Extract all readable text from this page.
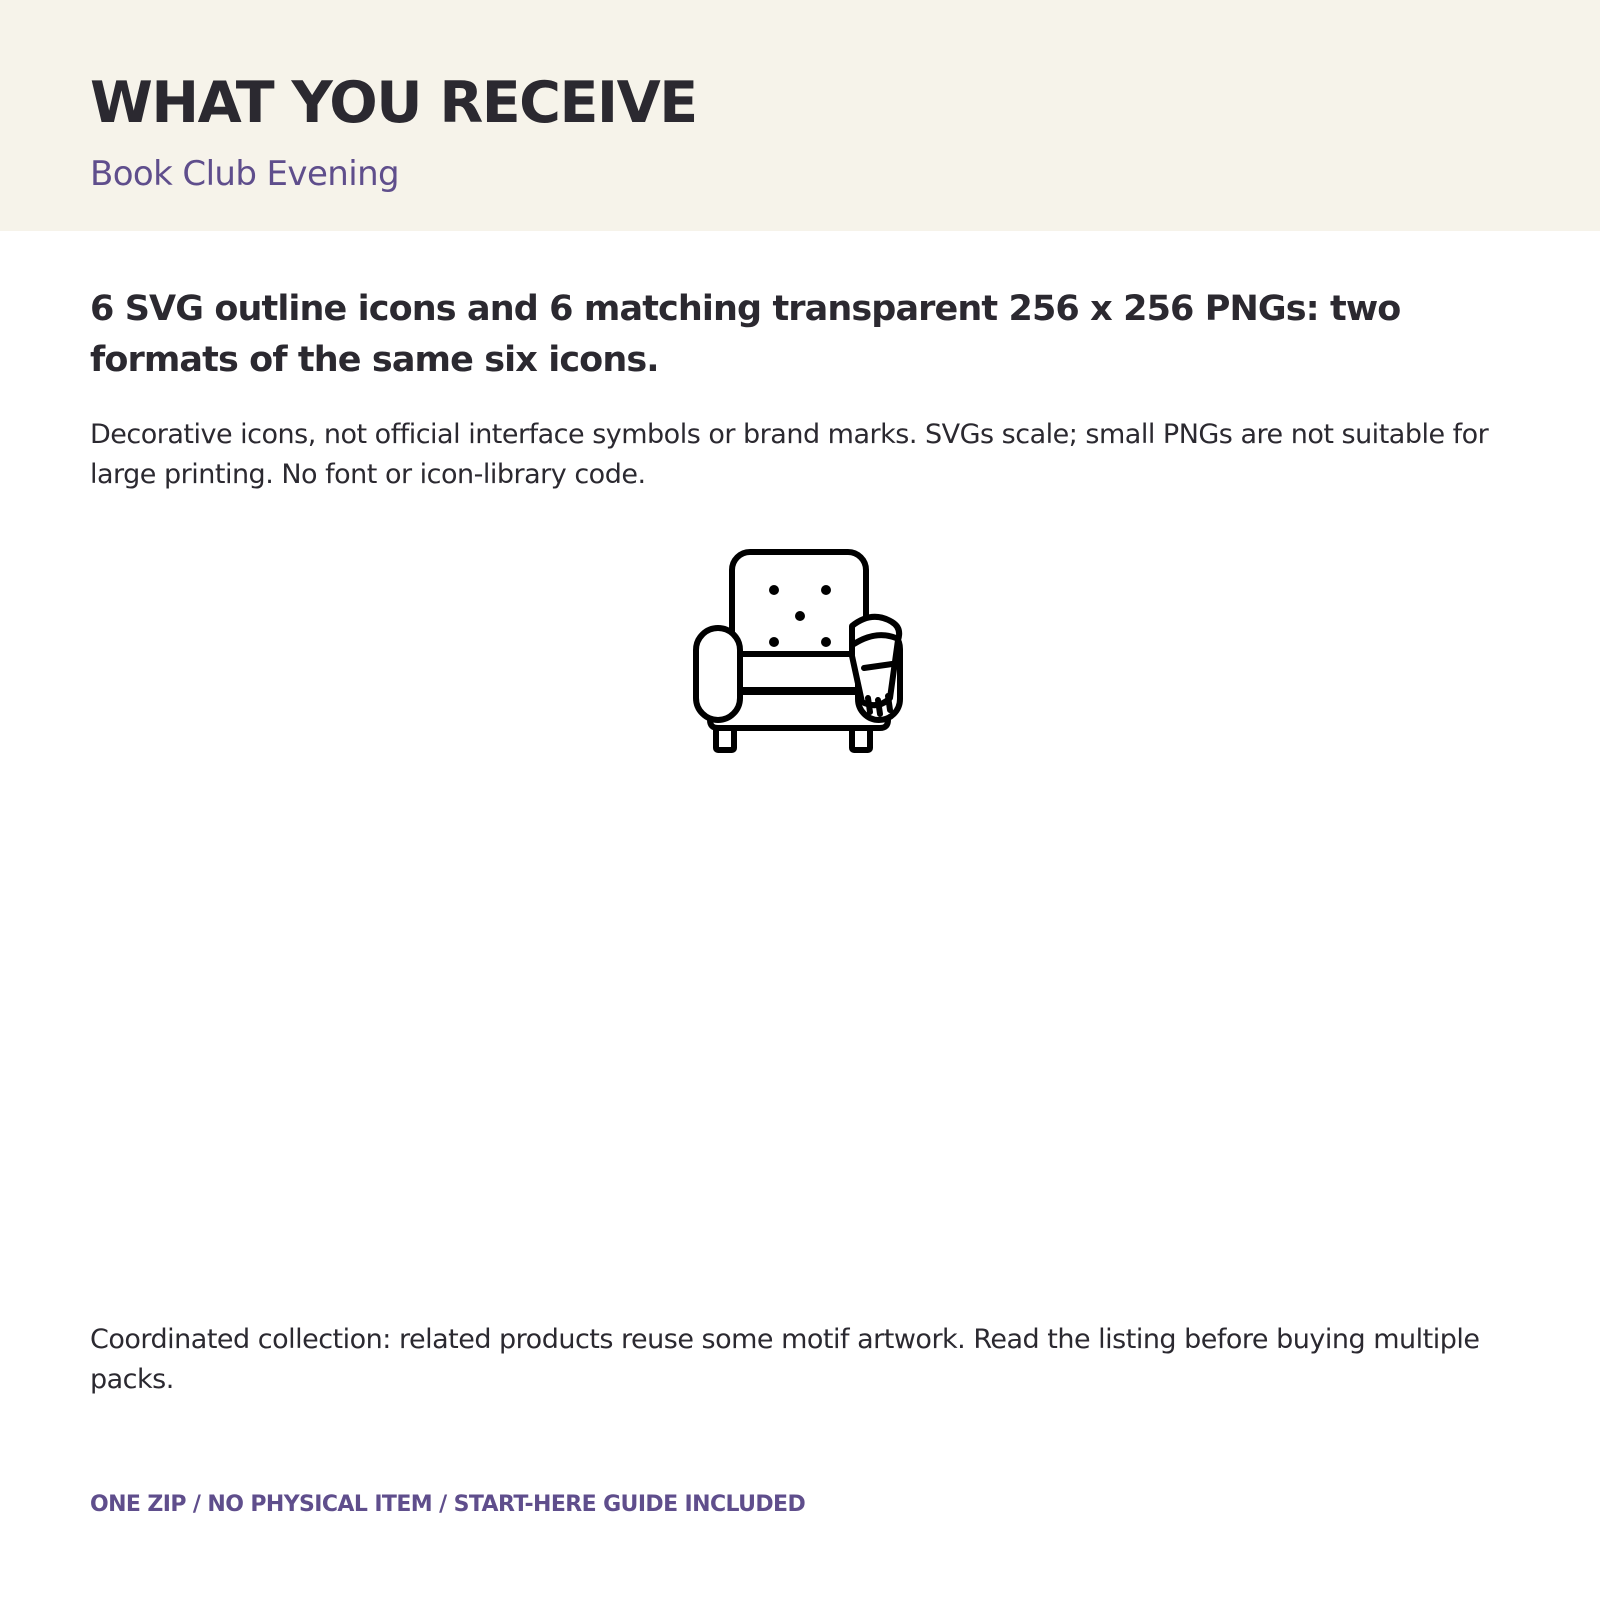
WHAT YOU RECEIVE

Book Club Evening

6 SVG outline icons and 6 matching transparent 256 x 256 PNGs: two formats of the same six icons.

Decorative icons, not official interface symbols or brand marks. SVGs scale; small PNGs are not suitable for large printing. No font or icon-library code.

Coordinated collection: related products reuse some motif artwork. Read the listing before buying multiple packs.

ONE ZIP / NO PHYSICAL ITEM / START-HERE GUIDE INCLUDED
